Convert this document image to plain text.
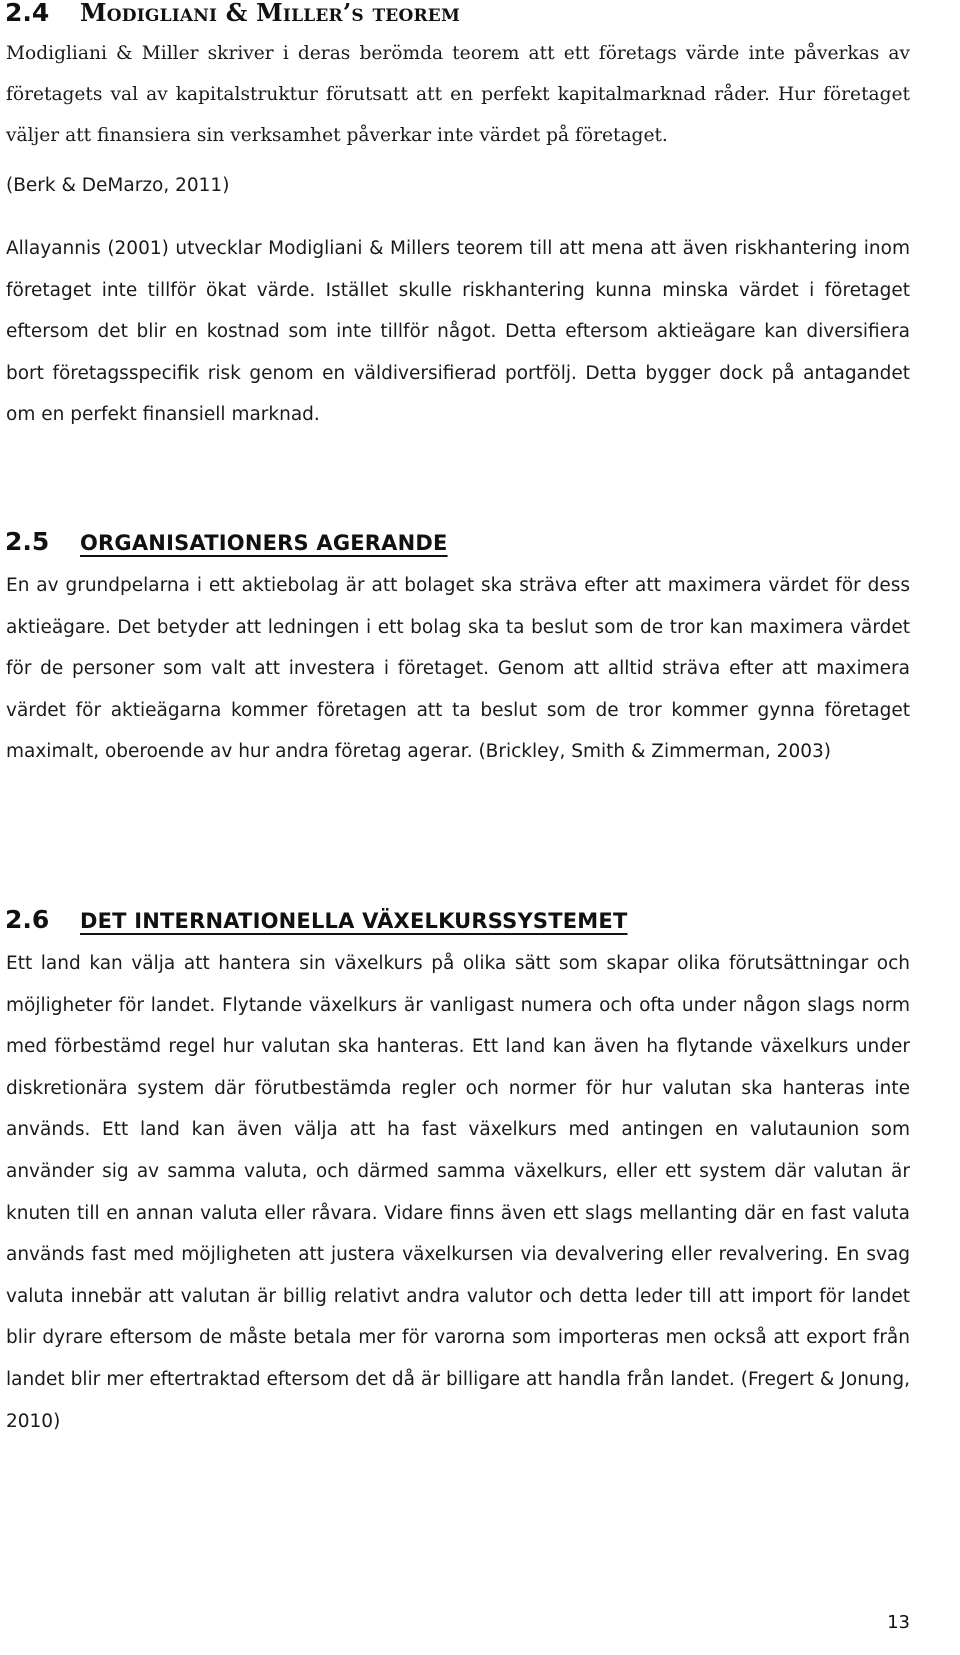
2.4	Modigliani & Miller’s teorem

Modigliani & Miller skriver i deras berömda teorem att ett företags värde inte påverkas av företagets val av kapitalstruktur förutsatt att en perfekt kapitalmarknad råder. Hur företaget väljer att finansiera sin verksamhet påverkar inte värdet på företaget.

(Berk & DeMarzo, 2011)

Allayannis (2001) utvecklar Modigliani & Millers teorem till att mena att även riskhantering inom företaget inte tillför ökat värde. Istället skulle riskhantering kunna minska värdet i företaget eftersom det blir en kostnad som inte tillför något. Detta eftersom aktieägare kan diversifiera bort företagsspecifik risk genom en väldiversifierad portfölj. Detta bygger dock på antagandet om en perfekt finansiell marknad.

2.5	ORGANISATIONERS AGERANDE

En av grundpelarna i ett aktiebolag är att bolaget ska sträva efter att maximera värdet för dess aktieägare. Det betyder att ledningen i ett bolag ska ta beslut som de tror kan maximera värdet för de personer som valt att investera i företaget. Genom att alltid sträva efter att maximera värdet för aktieägarna kommer företagen att ta beslut som de tror kommer gynna företaget maximalt, oberoende av hur andra företag agerar. (Brickley, Smith & Zimmerman, 2003)

2.6	DET INTERNATIONELLA VÄXELKURSSYSTEMET

Ett land kan välja att hantera sin växelkurs på olika sätt som skapar olika förutsättningar och möjligheter för landet. Flytande växelkurs är vanligast numera och ofta under någon slags norm med förbestämd regel hur valutan ska hanteras. Ett land kan även ha flytande växelkurs under diskretionära system där förutbestämda regler och normer för hur valutan ska hanteras inte används. Ett land kan även välja att ha fast växelkurs med antingen en valutaunion som använder sig av samma valuta, och därmed samma växelkurs, eller ett system där valutan är knuten till en annan valuta eller råvara. Vidare finns även ett slags mellanting där en fast valuta används fast med möjligheten att justera växelkursen via devalvering eller revalvering. En svag valuta innebär att valutan är billig relativt andra valutor och detta leder till att import för landet blir dyrare eftersom de måste betala mer för varorna som importeras men också att export från landet blir mer eftertraktad eftersom det då är billigare att handla från landet. (Fregert & Jonung, 2010)

13
